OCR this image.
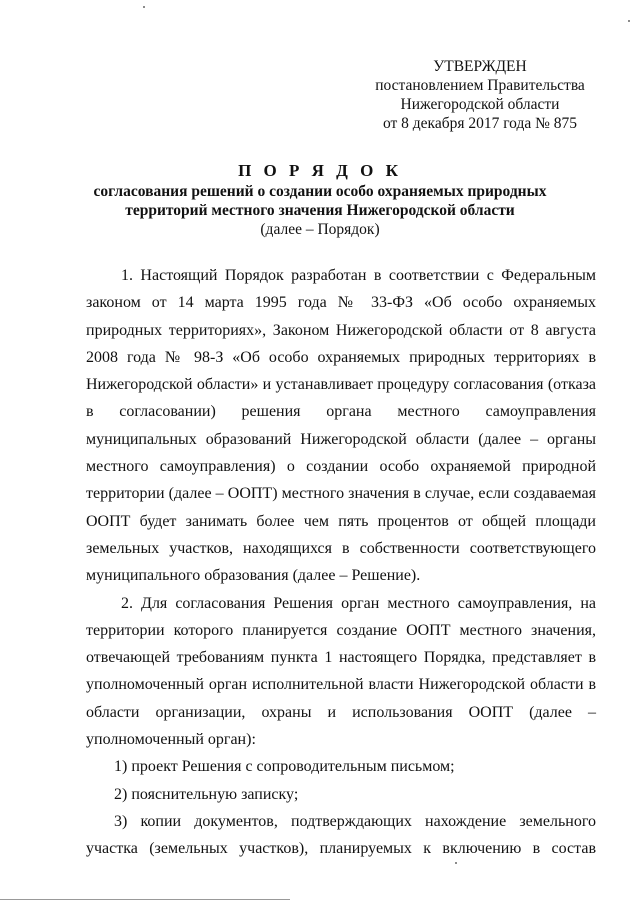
УТВЕРЖДЕН
постановлением Правительства
Нижегородской области
от 8 декабря 2017 года № 875
П О Р Я Д О К
согласования решений о создании особо охраняемых природных
территорий местного значения Нижегородской области
(далее – Порядок)

1. Настоящий Порядок разработан в соответствии с Федеральным законом от 14 марта 1995 года № 33-ФЗ «Об особо охраняемых природных территориях», Законом Нижегородской области от 8 августа 2008 года № 98-З «Об особо охраняемых природных территориях в Нижегородской области» и устанавливает процедуру согласования (отказа в согласовании) решения органа местного самоуправления муниципальных образований Нижегородской области (далее – органы местного самоуправления) о создании особо охраняемой природной территории (далее – ООПТ) местного значения в случае, если создаваемая ООПТ будет занимать более чем пять процентов от общей площади земельных участков, находящихся в собственности соответствующего муниципального образования (далее – Решение).

2. Для согласования Решения орган местного самоуправления, на территории которого планируется создание ООПТ местного значения, отвечающей требованиям пункта 1 настоящего Порядка, представляет в уполномоченный орган исполнительной власти Нижегородской области в области организации, охраны и использования ООПТ (далее – уполномоченный орган):

1) проект Решения с сопроводительным письмом;

2) пояснительную записку;

3) копии документов, подтверждающих нахождение земельного участка (земельных участков), планируемых к включению в состав
